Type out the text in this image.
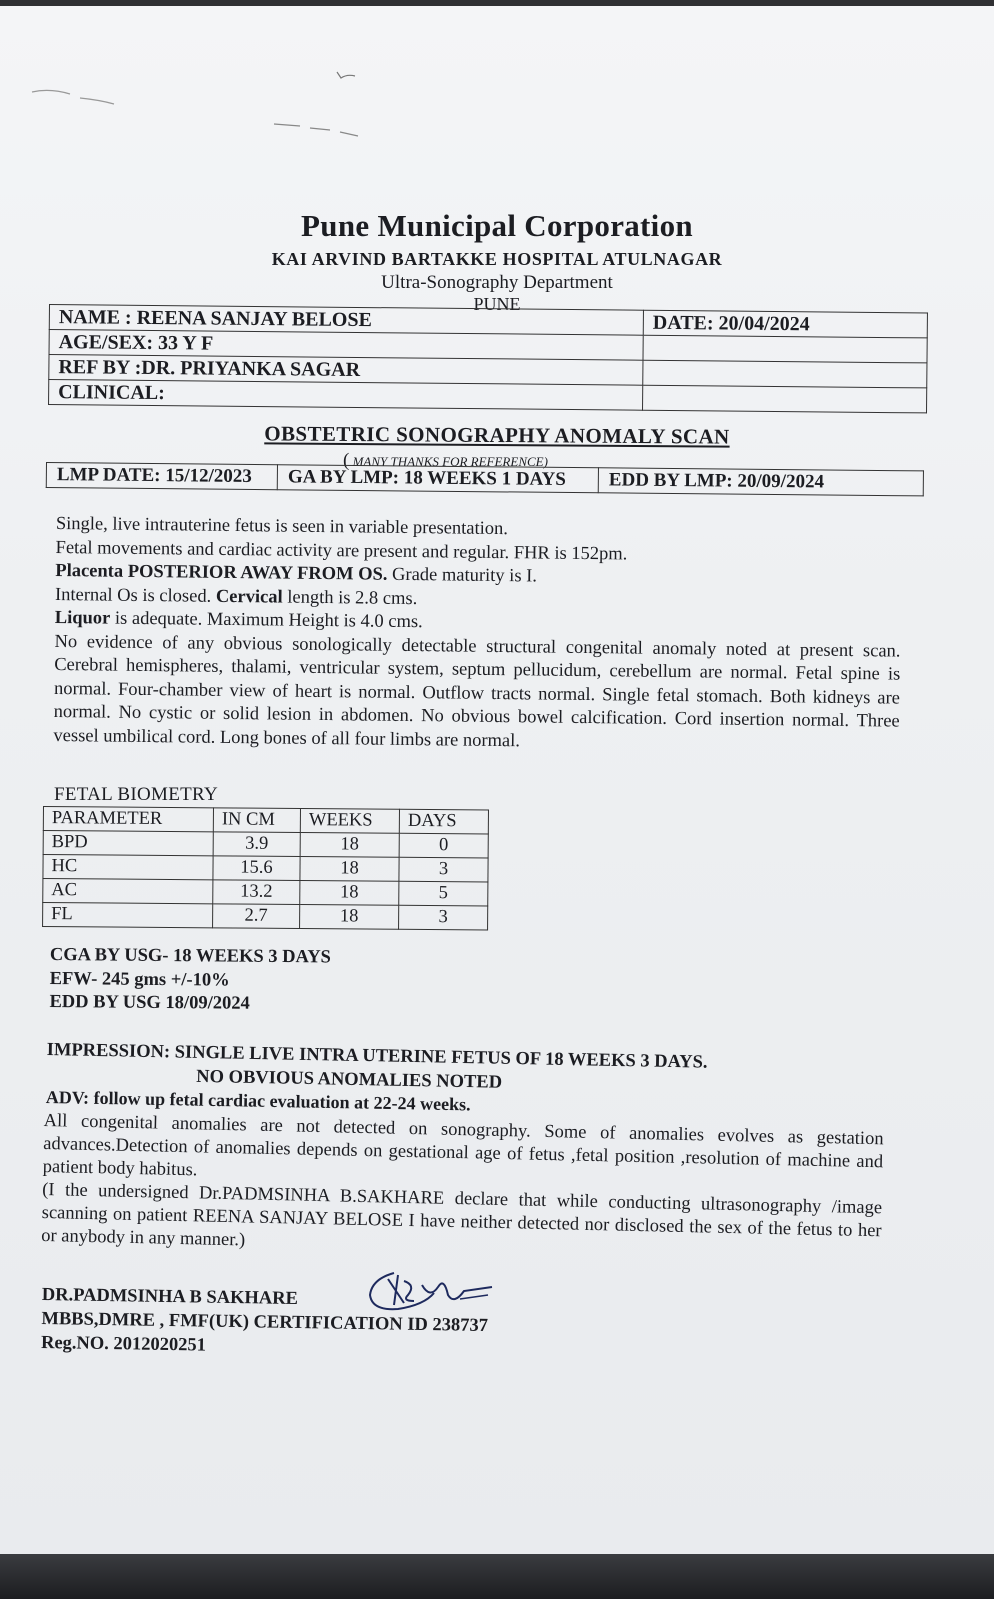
Pune Municipal Corporation
KAI ARVIND BARTAKKE HOSPITAL ATULNAGAR
Ultra-Sonography Department
PUNE
NAME : REENA SANJAY BELOSE	DATE: 20/04/2024
AGE/SEX: 33 Y F	
REF BY :DR. PRIYANKA SAGAR	
CLINICAL:	
OBSTETRIC SONOGRAPHY ANOMALY SCAN
( MANY THANKS FOR REFERENCE)
LMP DATE: 15/12/2023	GA BY LMP: 18 WEEKS 1 DAYS	EDD BY LMP: 20/09/2024

Single, live intrauterine fetus is seen in variable presentation.

Fetal movements and cardiac activity are present and regular. FHR is 152pm.

Placenta POSTERIOR AWAY FROM OS. Grade maturity is I.

Internal Os is closed. Cervical length is 2.8 cms.

Liquor is adequate. Maximum Height is 4.0 cms.

No evidence of any obvious sonologically detectable structural congenital anomaly noted at present scan. Cerebral hemispheres, thalami, ventricular system, septum pellucidum, cerebellum are normal. Fetal spine is normal. Four-chamber view of heart is normal. Outflow tracts normal. Single fetal stomach. Both kidneys are normal. No cystic or solid lesion in abdomen. No obvious bowel calcification. Cord insertion normal. Three vessel umbilical cord. Long bones of all four limbs are normal.

FETAL BIOMETRY
PARAMETER	IN CM	WEEKS	DAYS
BPD	3.9	18	0
HC	15.6	18	3
AC	13.2	18	5
FL	2.7	18	3
CGA BY USG- 18 WEEKS 3 DAYS
EFW- 245 gms +/-10%
EDD BY USG 18/09/2024
IMPRESSION: SINGLE LIVE INTRA UTERINE FETUS OF 18 WEEKS 3 DAYS.
NO OBVIOUS ANOMALIES NOTED
ADV: follow up fetal cardiac evaluation at 22-24 weeks.

All congenital anomalies are not detected on sonography. Some of anomalies evolves as gestation advances.Detection of anomalies depends on gestational age of fetus ,fetal position ,resolution of machine and patient body habitus.

(I the undersigned Dr.PADMSINHA B.SAKHARE declare that while conducting ultrasonography /image scanning on patient REENA SANJAY BELOSE I have neither detected nor disclosed the sex of the fetus to her or anybody in any manner.)

DR.PADMSINHA B SAKHARE
MBBS,DMRE , FMF(UK) CERTIFICATION ID 238737
Reg.NO. 2012020251
